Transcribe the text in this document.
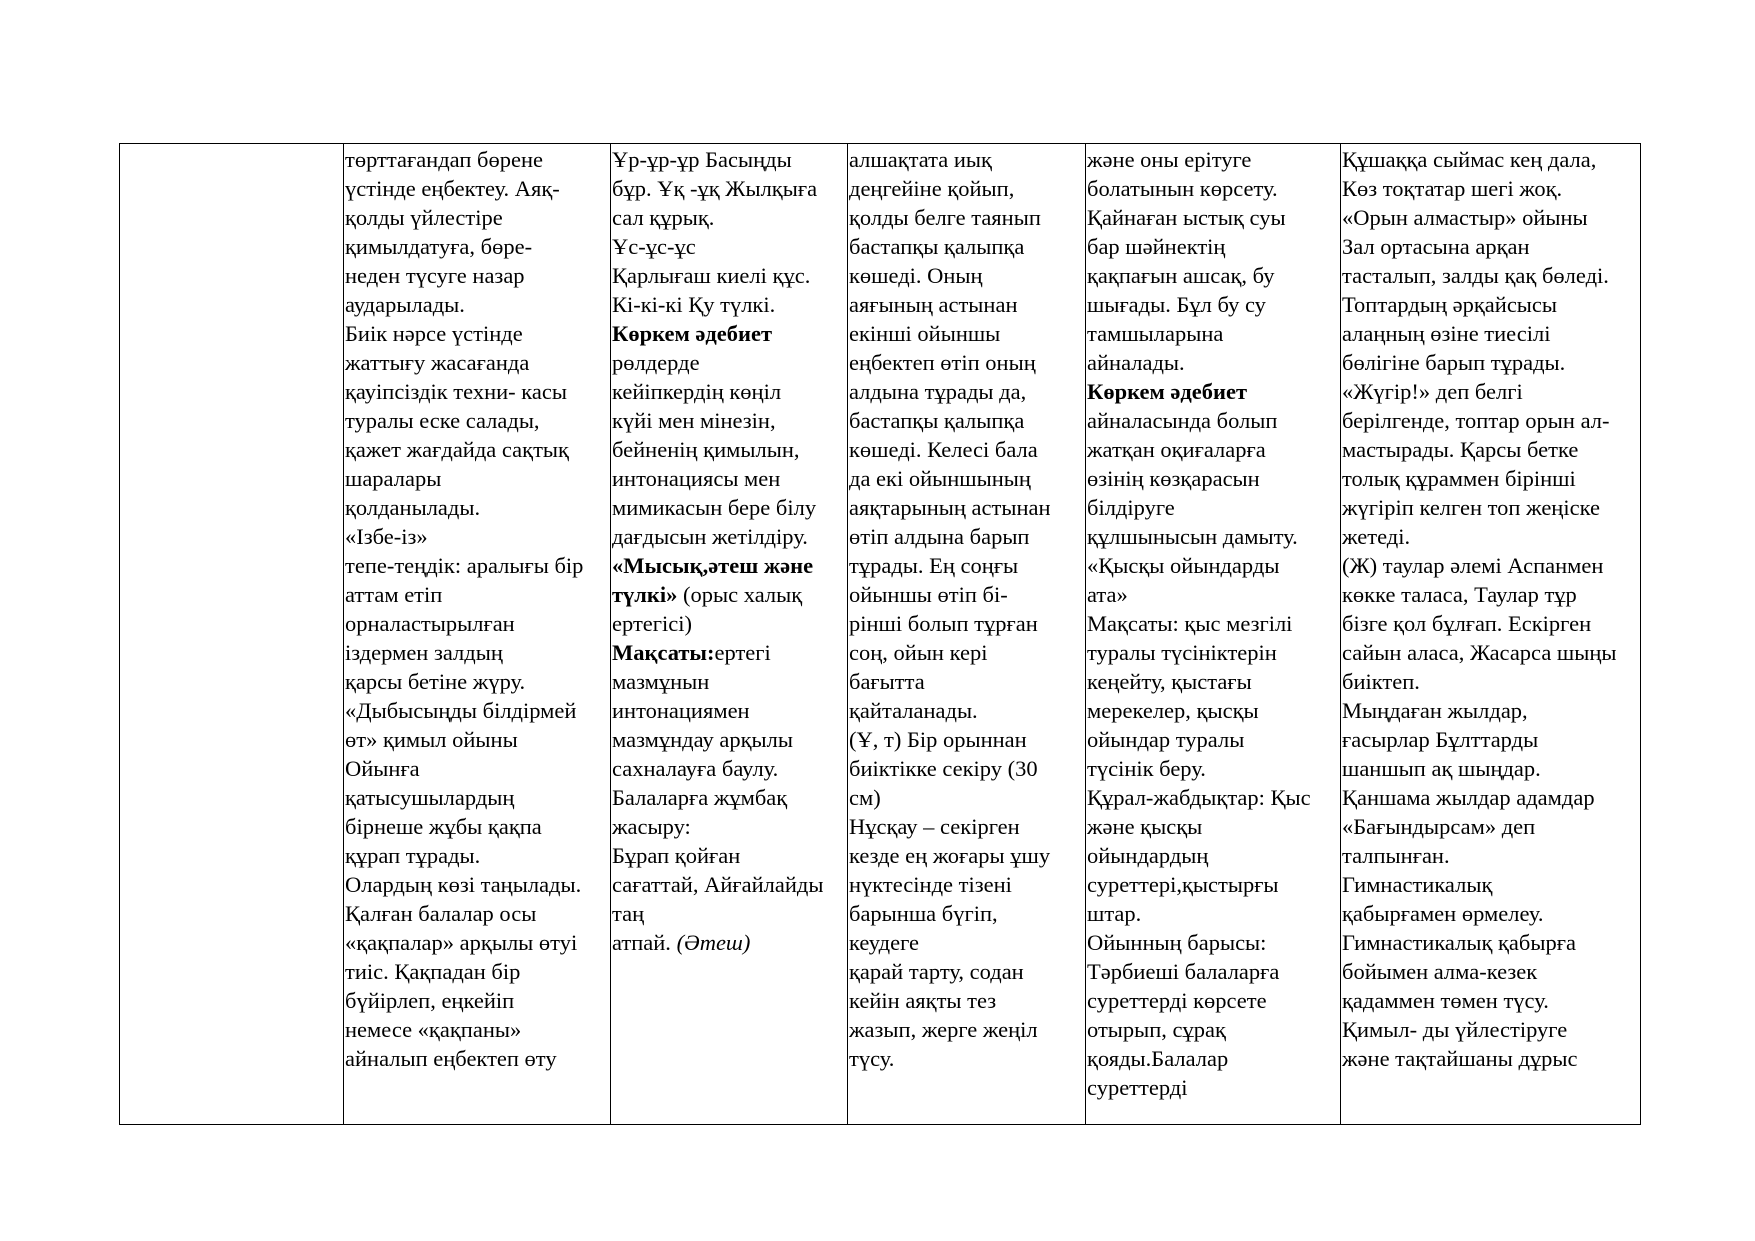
төрттағандап бөрене
үстінде еңбектеу. Аяқ-
қолды үйлестіре
қимылдатуға, бөре-
неден түсуге назар
аударылады.
Биік нәрсе үстінде
жаттығу жасағанда
қауіпсіздік техни- касы
туралы еске салады,
қажет жағдайда сақтық
шаралары
қолданылады.
«Ізбе-із»
тепе-теңдік: аралығы бір
аттам етіп
орналастырылған
іздермен залдың
қарсы бетіне жүру.
«Дыбысыңды білдірмей
өт» қимыл ойыны
Ойынға
қатысушылардың
бірнеше жұбы қақпа
құрап тұрады.
Олардың көзі таңылады.
Қалған балалар осы
«қақпалар» арқылы өтуі
тиіс. Қақпадан бір
бүйірлеп, еңкейіп
немесе «қақпаны»
айналып еңбектеп өту
Ұр-ұр-ұр Басыңды
бұр. Ұқ -ұқ Жылқыға
сал құрық.
Ұс-ұс-ұс
Қарлығаш киелі құс.
Кі-кі-кі Қу түлкі.
Көркем әдебиет
рөлдерде
кейіпкердің көңіл
күйі мен мінезін,
бейненің қимылын,
интонациясы мен
мимикасын бере білу
дағдысын жетілдіру.
«Мысық,әтеш және
түлкі» (орыс халық
ертегісі)
Мақсаты:ертегі
мазмұнын
интонациямен
мазмұндау арқылы
сахналауға баулу.
Балаларға жұмбақ
жасыру:
Бұрап қойған
сағаттай, Айғайлайды
таң
атпай. (Әтеш)
алшақтата иық
деңгейіне қойып,
қолды белге таянып
бастапқы қалыпқа
көшеді. Оның
аяғының астынан
екінші ойыншы
еңбектеп өтіп оның
алдына тұрады да,
бастапқы қалыпқа
көшеді. Келесі бала
да екі ойыншының
аяқтарының астынан
өтіп алдына барып
тұрады. Ең соңғы
ойыншы өтіп бі-
рінші болып тұрған
соң, ойын кері
бағытта
қайталанады.
(Ұ, т) Бір орыннан
биіктікке секіру (30
см)
Нұсқау – секірген
кезде ең жоғары ұшу
нүктесінде тізені
барынша бүгіп,
кеудеге
қарай тарту, содан
кейін аяқты тез
жазып, жерге жеңіл
түсу.
және оны ерітуге
болатынын көрсету.
Қайнаған ыстық суы
бар шәйнектің
қақпағын ашсақ, бу
шығады. Бұл бу су
тамшыларына
айналады.
Көркем әдебиет
айналасында болып
жатқан оқиғаларға
өзінің көзқарасын
білдіруге
құлшынысын дамыту.
«Қысқы ойындарды
ата»
Мақсаты: қыс мезгілі
туралы түсініктерін
кеңейту, қыстағы
мерекелер, қысқы
ойындар туралы
түсінік беру.
Құрал-жабдықтар: Қыс
және қысқы
ойындардың
суреттері,қыстырғы
штар.
Ойынның барысы:
Тәрбиеші балаларға
суреттерді көрсете
отырып, сұрақ
қояды.Балалар
суреттерді
Құшаққа сыймас кең дала,
Көз тоқтатар шегі жоқ.
«Орын алмастыр» ойыны
Зал ортасына арқан
тасталып, залды қақ бөледі.
Топтардың әрқайсысы
алаңның өзіне тиесілі
бөлігіне барып тұрады.
«Жүгір!» деп белгі
берілгенде, топтар орын ал-
мастырады. Қарсы бетке
толық құраммен бірінші
жүгіріп келген топ жеңіске
жетеді.
(Ж) таулар әлемі Аспанмен
көкке таласа, Таулар тұр
бізге қол бұлғап. Ескірген
сайын аласа, Жасарса шыңы
биіктеп.
Мыңдаған жылдар,
ғасырлар Бұлттарды
шаншып ақ шыңдар.
Қаншама жылдар адамдар
«Бағындырсам» деп
талпынған.
Гимнастикалық
қабырғамен өрмелеу.
Гимнастикалық қабырға
бойымен алма-кезек
қадаммен төмен түсу.
Қимыл- ды үйлестіруге
және тақтайшаны дұрыс
